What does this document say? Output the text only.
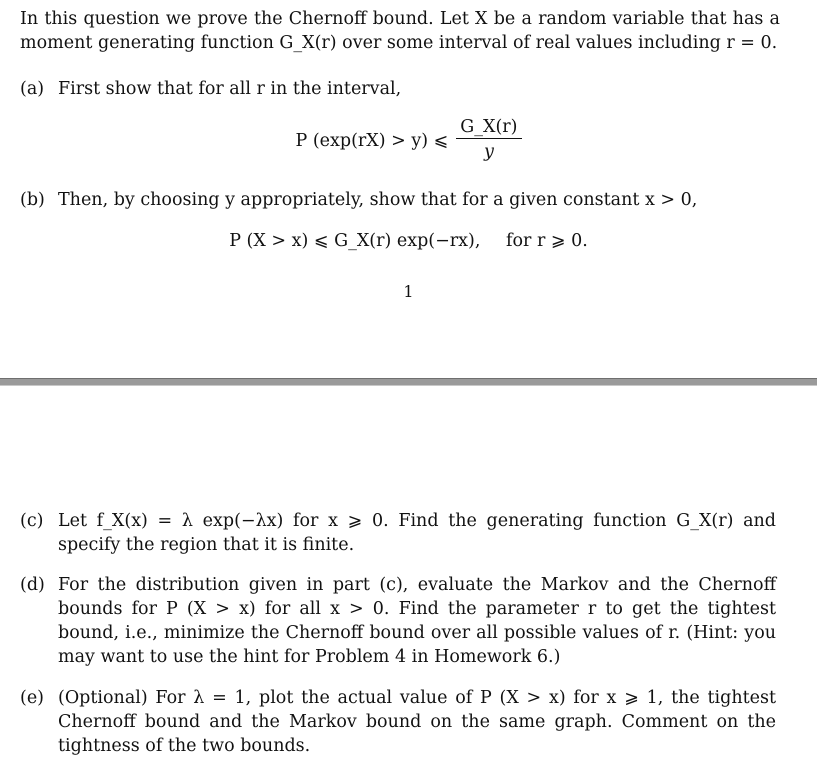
In this question we prove the Chernoff bound. Let X be a random variable that has a moment generating function G_X(r) over some interval of real values including r = 0.

(a) First show that for all r in the interval,
P (exp(rX) > y) ⩽ $\frac{G\_X(r)}{y}$
(b) Then, by choosing y appropriately, show that for a given constant x > 0,
P (X > x) ⩽ G_X(r) exp(−rx), for r ⩾ 0.
1
(c) Let f_X(x) = λ exp(−λx) for x ⩾ 0. Find the generating function G_X(r) and specify the region that it is finite.
(d) For the distribution given in part (c), evaluate the Markov and the Chernoff bounds for P (X > x) for all x > 0. Find the parameter r to get the tightest bound, i.e., minimize the Chernoff bound over all possible values of r. (Hint: you may want to use the hint for Problem 4 in Homework 6.)
(e) (Optional) For λ = 1, plot the actual value of P (X > x) for x ⩾ 1, the tightest Chernoff bound and the Markov bound on the same graph. Comment on the tightness of the two bounds.
